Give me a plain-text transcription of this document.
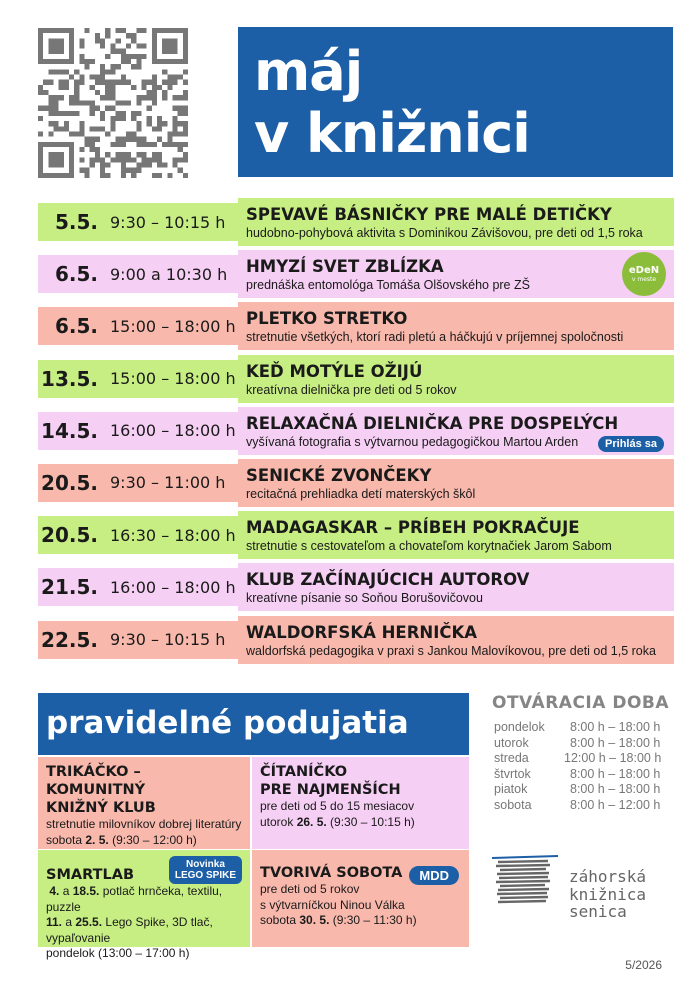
máj
v knižnici
5.5. 9:30 – 10:15 h SPEVAVÉ BÁSNIČKY PRE MALÉ DETIČKY
hudobno-pohybová aktivita s Dominikou Závišovou, pre deti od 1,5 roka
6.5. 9:00 a 10:30 h HMYZÍ SVET ZBLÍZKA
prednáška entomológa Tomáša Olšovského pre ZŠ
eDeN
v meste
6.5. 15:00 – 18:00 h PLETKO STRETKO
stretnutie všetkých, ktorí radi pletú a háčkujú v príjemnej spoločnosti
13.5. 15:00 – 18:00 h KEĎ MOTÝLE OŽIJÚ
kreatívna dielnička pre deti od 5 rokov
14.5. 16:00 – 18:00 h RELAXAČNÁ DIELNIČKA PRE DOSPELÝCH
vyšívaná fotografia s výtvarnou pedagogičkou Martou Arden	Prihlás sa
20.5. 9:30 – 11:00 h SENICKÉ ZVONČEKY
recitačná prehliadka detí materských škôl
20.5. 16:30 – 18:00 h MADAGASKAR – PRÍBEH POKRAČUJE
stretnutie s cestovateľom a chovateľom korytnačiek Jarom Sabom
21.5. 16:00 – 18:00 h KLUB ZAČÍNAJÚCICH AUTOROV
kreatívne písanie so Soňou Borušovičovou
22.5. 9:30 – 10:15 h WALDORFSKÁ HERNIČKA
waldorfská pedagogika v praxi s Jankou Malovíkovou, pre deti od 1,5 roka
pravidelné podujatia
TRIKÁČKO – KOMUNITNÝ
KNIŽNÝ KLUB
stretnutie milovníkov dobrej literatúry
sobota 2. 5. (9:30 – 12:00 h)
ČÍTANÍČKO
PRE NAJMENŠÍCH
pre deti od 5 do 15 mesiacov
utorok 26. 5. (9:30 – 10:15 h)
SMARTLAB
Novinka
LEGO SPIKE
4. a 18.5. potlač hrnčeka, textilu, puzzle
11. a 25.5. Lego Spike, 3D tlač, vypaľovanie
pondelok (13:00 – 17:00 h)
TVORIVÁ SOBOTA	MDD
pre deti od 5 rokov
s výtvarníčkou Ninou Válka
sobota 30. 5. (9:30 – 11:30 h)
OTVÁRACIA DOBA
pondelok 8:00 h – 18:00 h
utorok	8:00 h – 18:00 h
streda	12:00 h – 18:00 h
štvrtok	8:00 h – 18:00 h
piatok	8:00 h – 18:00 h
sobota	8:00 h – 12:00 h
záhorská
knižnica
senica
5/2026
